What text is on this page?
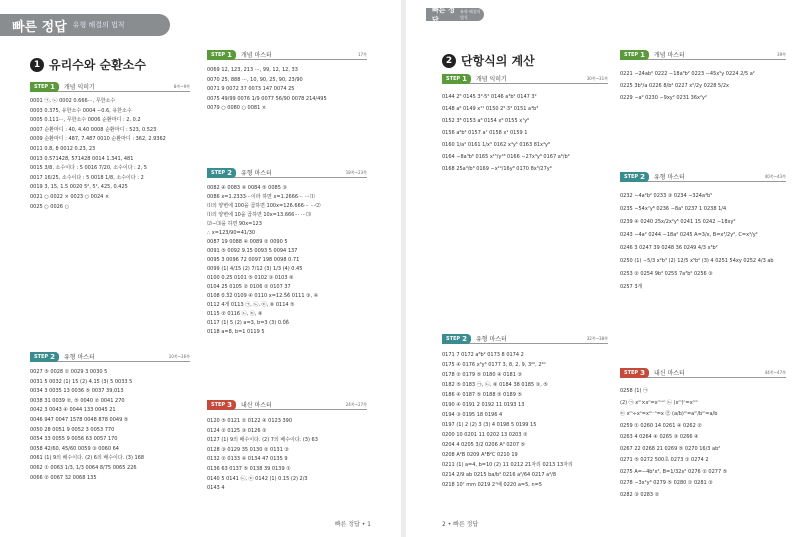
빠른 정답 유형 해결의 법칙
1 유리수와 순환소수
STEP 1 개념 익히기	8쪽~9쪽
0001 ㉠, ㉡ 0002 0.666⋯, 무한소수
0003 0.375, 유한소수 0004 −0.6, 유한소수
0005 0.111⋯, 무한소수 0006 순환마디 : 2, 0.2̇
0007 순환마디 : 40, 4.4̇0̇ 0008 순환마디 : 523, 0.5̇23̇
0009 순환마디 : 487, 7.4̇87̇ 0010 순환마디 : 362, 2.9̇362̇
0011 0.8̇, 8 0012 0.2̇3̇, 23
0013 0.5̇71428̇, 571428 0014 1.3̇4̇1̇, 481
0015 3/8, 소수이다 : 5 0016 7/20, 소수이다 : 2, 5
0017 16/25, 소수이다 : 5 0018 1/8, 소수이다 : 2
0019 3, 15, 1.5 0020 5², 5², 425, 0.425
0021 ○ 0022 × 0023 ○ 0024 ×
0025 ○ 0026 ○
STEP 2 유형 마스터	10쪽~16쪽
0027 ⑤ 0028 ① 0029 3 0030 5
0031 5 0032 (1) 15 (2) 4.1̇5̇ (3) 5 0033 5
0034 3 0035 13 0036 ⑤ 0037 39,013
0038 31 0039 ②, ⑤ 0040 ② 0041 270
0042 3 0043 ④ 0044 133 0045 21
0046 947 0047 1578 0048 878 0049 ⑤
0050 28 0051 9 0052 3 0053 770
0054 33 0055 9 0056 63 0057 170
0058 42/60, 45/60 0059 ③ 0060 64
0061 (1) 9의 배수이다. (2) 6의 배수이다. (3) 168
0062 ① 0063 1/3, 1/3 0064 8/75 0065 226
0066 ② 0067 32 0068 135
STEP 1 개념 마스터	17쪽
0069 12, 123, 213 ⋯, 99, 12, 12, 33
0070 25, 888 ⋯, 10, 90, 25, 90, 23/90
0071 9 0072 37 0073 147 0074 25
0075 49/99 0076 1/9 0077 56/90 0078 214/495
0079 ○ 0080 ○ 0081 ×
STEP 2 유형 마스터	18쪽~23쪽
0082 ④ 0083 ④ 0084 ⑤ 0085 ③
0086 x=1.2333⋯이라 하면 x=1.2666⋯ ⋯⑴
⑴의 양변에 100을 곱하면 100x=126.666⋯ ⋯⑵
⑴의 양변에 10을 곱하면 10x=13.666⋯ ⋯⑶
⑵−⑶을 하면 90x=123
∴ x=123/90=41/30
0087 19 0088 ④ 0089 ② 0090 5
0091 ⑤ 0092 9.1̇5̇ 0093 5 0094 137
0095 3 0096 72 0097 198 0098 0.7̇1̇
0099 (1) 4/15 (2) 7/12 (3) 1/3 (4) 0.4̇5̇
0100 0.2̇5̇ 0101 ⑤ 0102 ③ 0103 ⑧
0104 25 0105 ② 0106 ② 0107 37
0108 0.3̇2̇ 0109 ④ 0110 x=12.5̇6̇ 0111 ③, ④
0112 4개 0113 ㉠, ㉡, ㉢, ⑧ 0114 ⑤
0115 ② 0116 ㉡, ㉢, ⑧
0117 (1) 5 (2) a=3, b=3 (3) 0.0̇6̇
0118 a=8, b=1 0119 5
STEP 3 내신 마스터	24쪽~27쪽
0120 ⑤ 0121 ② 0122 ④ 0123 390
0124 ② 0125 ③ 0126 ②
0127 (1) 9의 배수이다. (2) 7의 배수이다. (3) 63
0128 ③ 0129 35 0130 ② 0131 ③
0132 ② 0133 ④ 0134 47 0135 9
0136 63 0137 ⑤ 0138 39 0139 ①
0140 5 0141 ㉡, ㉢ 0142 (1) 0.1̇5̇ (2) 2/3
0143 4
빠른 정답 • 1
빠른 정답
유형 해결의 법칙
2 단항식의 계산
STEP 1 개념 익히기	30쪽~31쪽
0144 2⁵ 0145 3⁴·5² 0146 a³b² 0147 3²
0148 a⁶ 0149 x¹¹ 0150 2⁵·3⁴ 0151 a⁴b³
0152 3⁸ 0153 a⁸ 0154 x⁹ 0155 x⁷y⁶
0156 a⁶b⁴ 0157 a⁷ 0158 x¹ 0159 1
0160 1/a² 0161 1/x⁵ 0162 x⁴y⁵ 0163 81x⁴y⁸
0164 −8a³b⁶ 0165 x¹⁵/y¹⁸ 0166 −27x³y⁹ 0167 a⁶/b⁶
0168 25a⁴/b⁶ 0169 −x¹⁰/16y⁸ 0170 8x³/27y⁶
STEP 2 유형 마스터	32쪽~38쪽
0171 7 0172 a⁸b² 0173 8 0174 2
0175 ④ 0176 x³y⁶ 0177 3, 8, 2, 9, 3²⁰, 2²⁰
0178 ② 0179 ⑤ 0180 ④ 0181 ③
0182 ⑤ 0183 ㉠, ㉡, ⑧ 0184 38 0185 ③, ⑤
0186 ④ 0187 ⑤ 0188 ⑤ 0189 ⑤
0190 ④ 0191 2 0192 11 0193 13
0194 ③ 0195 18 0196 4
0197 (1) 2 (2) 3 (3) 4 0198 5 0199 15
0200 10 0201 11 0202 13 0203 ②
0204 4 0205 3/2 0206 A³ 0207 ⑤
0208 A²B 0209 A³B²C 0210 19
0211 (1) a=4, b=10 (2) 11 0212 21자리 0213 13자리
0214 2/9 ab 0215 ba/b² 0216 a²/64 0217 a⁴/8
0218 10⁷ mm 0219 2⁷배 0220 a=5, n=5
STEP 1 개념 마스터	39쪽
0221 −24ab² 0222 −18a³b² 0223 −45x⁵y 0224 2/5 a²
0225 3b²/a 0226 8/b² 0227 x²/2y 0228 5/2x
0229 −a² 0230 −9xy² 0231 36x²y²
STEP 2 유형 마스터	40쪽~43쪽
0232 −4a²b² 0233 ③ 0234 −324a⁴b⁵
0235 −54x⁷y⁸ 0236 −8a⁵ 0237 1 0238 1/4
0239 ④ 0240 25x/2x²y⁵ 0241 15 0242 −18xy²
0243 −4a² 0244 −18a² 0245 A=3/x, B=x³/2y², C=x⁴/y²
0246 3 0247 39 0248 36 0249 4/3 x³b²
0250 (1) −5/3 x²b³ (2) 12/5 x⁵b² (3) 4 0251 54xy 0252 4/3 ab
0253 ② 0254 9b³ 0255 7a³b² 0256 ③
0257 3개
STEP 3 내신 마스터	44쪽~47쪽
0258 (1) ㉠
(2) ㉠ xᵐ×xⁿ=xᵐ⁺ⁿ ㉡ (xᵐ)ⁿ=xᵐⁿ
㉢ xᵐ÷xⁿ=xᵐ⁻ⁿ=x ㉣ (a/b)ᵐ=aᵐ/bᵐ=a/b
0259 ① 0260 14 0261 ④ 0262 ②
0263 4 0264 ④ 0265 ③ 0266 ④
0267 22 0268 21 0269 ⑤ 0270 16/3 ab²
0271 ⑤ 0272 500초 0273 ① 0274 2
0275 A=−4b²x², B=1/32x⁵ 0276 ② 0277 ⑤
0278 −3x²y⁶ 0279 ⑤ 0280 ① 0281 ③
0282 ③ 0283 ②
2 • 빠른 정답
